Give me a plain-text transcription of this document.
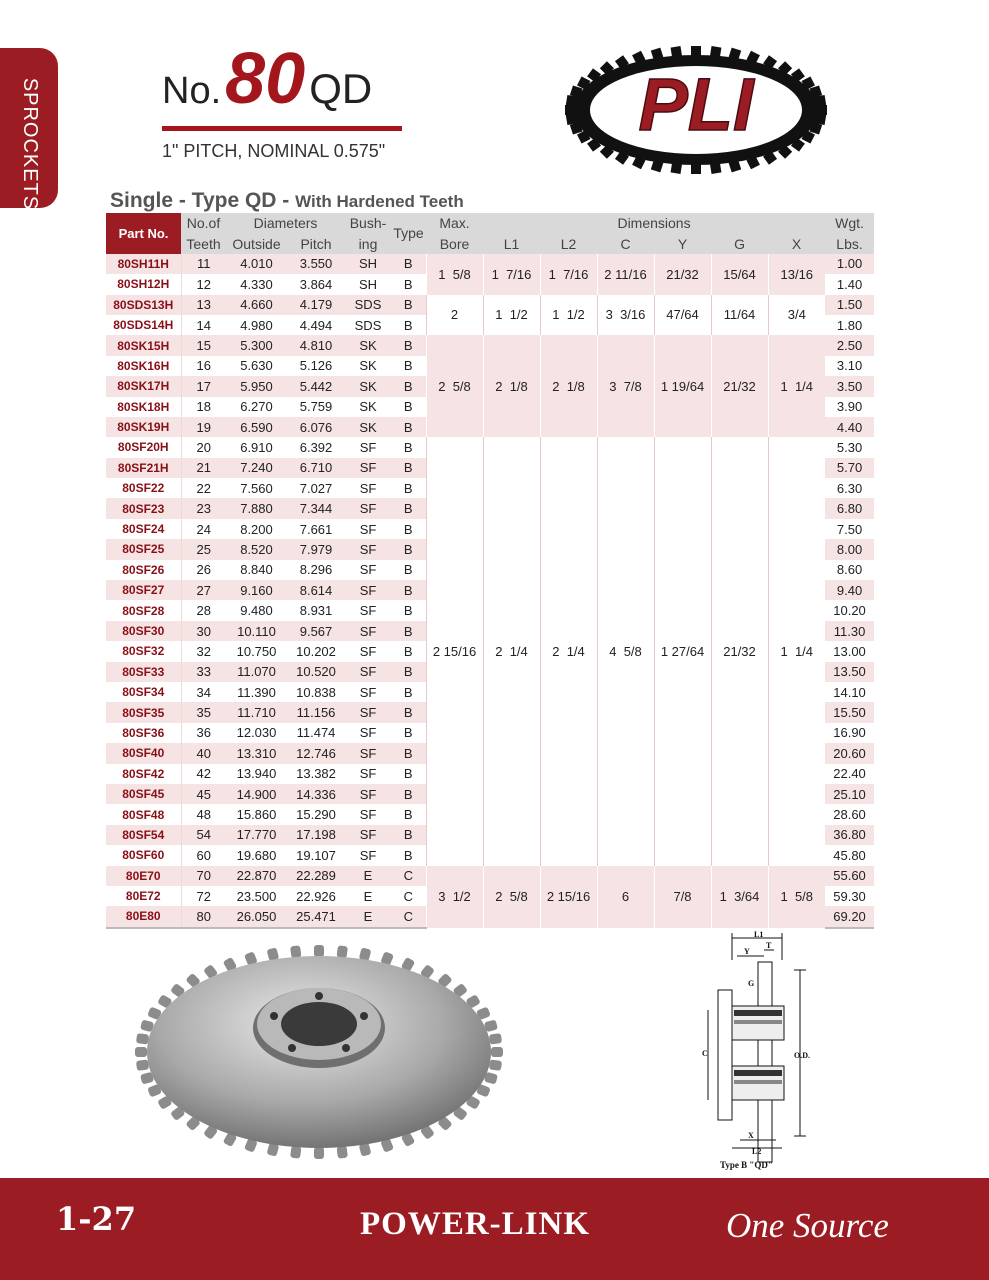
SPROCKETS	No.80QD
1" PITCH, NOMINAL 0.575"
PLI
Single - Type QD - With Hardened Teeth
Part No.	No.of	Diameters		Bush-	Type	Max.	Dimensions						Wgt.
	Teeth	Outside	Pitch	ing		Bore	L1	L2	C	Y	G	X	Lbs.
80SH11H	11	4.010	3.550	SH	B	1  5/8	1  7/16	1  7/16	2 11/16	21/32	15/64	13/16	1.00
80SH12H	12	4.330	3.864	SH	B								1.40
80SDS13H	13	4.660	4.179	SDS	B	2	1  1/2	1  1/2	3  3/16	47/64	11/64	3/4	1.50
80SDS14H	14	4.980	4.494	SDS	B								1.80
80SK15H	15	5.300	4.810	SK	B	2  5/8	2  1/8	2  1/8	3  7/8	1 19/64	21/32	1  1/4	2.50
80SK16H	16	5.630	5.126	SK	B								3.10
80SK17H	17	5.950	5.442	SK	B								3.50
80SK18H	18	6.270	5.759	SK	B								3.90
80SK19H	19	6.590	6.076	SK	B								4.40
80SF20H	20	6.910	6.392	SF	B	2 15/16	2  1/4	2  1/4	4  5/8	1 27/64	21/32	1  1/4	5.30
80SF21H	21	7.240	6.710	SF	B								5.70
80SF22	22	7.560	7.027	SF	B								6.30
80SF23	23	7.880	7.344	SF	B								6.80
80SF24	24	8.200	7.661	SF	B								7.50
80SF25	25	8.520	7.979	SF	B								8.00
80SF26	26	8.840	8.296	SF	B								8.60
80SF27	27	9.160	8.614	SF	B								9.40
80SF28	28	9.480	8.931	SF	B								10.20
80SF30	30	10.110	9.567	SF	B								11.30
80SF32	32	10.750	10.202	SF	B								13.00
80SF33	33	11.070	10.520	SF	B								13.50
80SF34	34	11.390	10.838	SF	B								14.10
80SF35	35	11.710	11.156	SF	B								15.50
80SF36	36	12.030	11.474	SF	B								16.90
80SF40	40	13.310	12.746	SF	B								20.60
80SF42	42	13.940	13.382	SF	B								22.40
80SF45	45	14.900	14.336	SF	B								25.10
80SF48	48	15.860	15.290	SF	B								28.60
80SF54	54	17.770	17.198	SF	B								36.80
80SF60	60	19.680	19.107	SF	B								45.80
80E70	70	22.870	22.289	E	C	3  1/2	2  5/8	2 15/16	6	7/8	1  3/64	1  5/8	55.60
80E72	72	23.500	22.926	E	C								59.30
80E80	80	26.050	25.471	E	C								69.20
L1
Y
T
G
C	O.D.
X
L2
Type B "QD"
1-27	POWER-LINK	One Source
